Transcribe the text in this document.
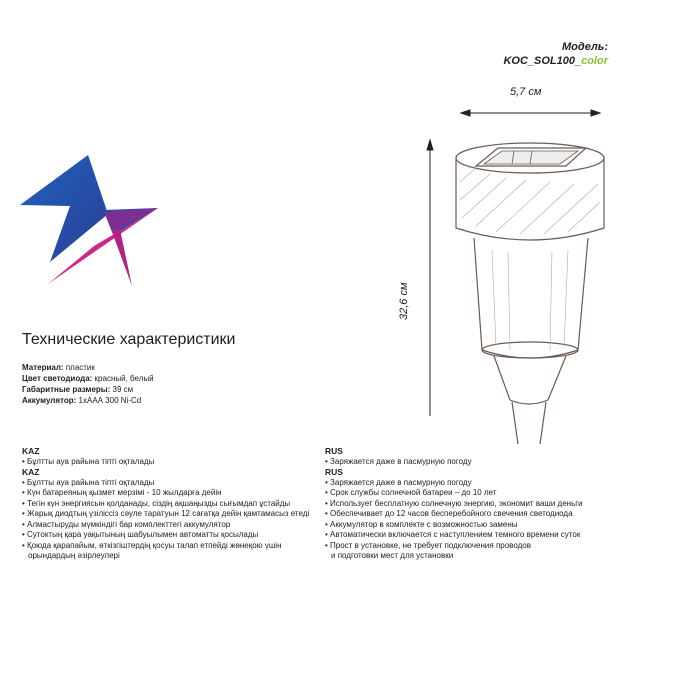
Модель:
KOC_SOL100_color
5,7 см
32,6 см
Технические характеристики
Материал: пластик
Цвет светодиода: красный, белый
Габаритные размеры: 39 см
Аккумулятор: 1хААА 300 Ni-Cd
KAZ
• Бұлтты ауа райына тіпті оқталады
KAZ
• Бұлтты ауа райына тіпті оқталады
• Күн батареяның қызмет мерзімі - 10 жылдарға дейін
• Тегін күн энергиясын қолданады, сіздің ақшаңызды сығымдап ұстайды
• Жарық диодтың үзіліссіз сәуле таратуын 12 сағатқа дейін қамтамасыз етеді
• Алмастыруды мүмкіндігі бар комплекттегі аккумулятор
• Сутоктың қара уақытының шабуылымен автоматты қосылады
• Қоюда қарапайым, өткізгіштердің қосуы талап етпейді жөнеқою үшін
орындардың әзірлеулері
RUS
• Заряжается даже в пасмурную погоду
RUS
• Заряжается даже в пасмурную погоду
• Срок службы солнечной батареи – до 10 лет
• Использует бесплатную солнечную энергию, экономит ваши деньги
• Обеспечивает до 12 часов бесперебойного свечения светодиода
• Аккумулятор в комплекте с возможностью замены
• Автоматически включается с наступлением темного времени суток
• Прост в установке, не требует подключения проводов
и подготовки мест для установки
